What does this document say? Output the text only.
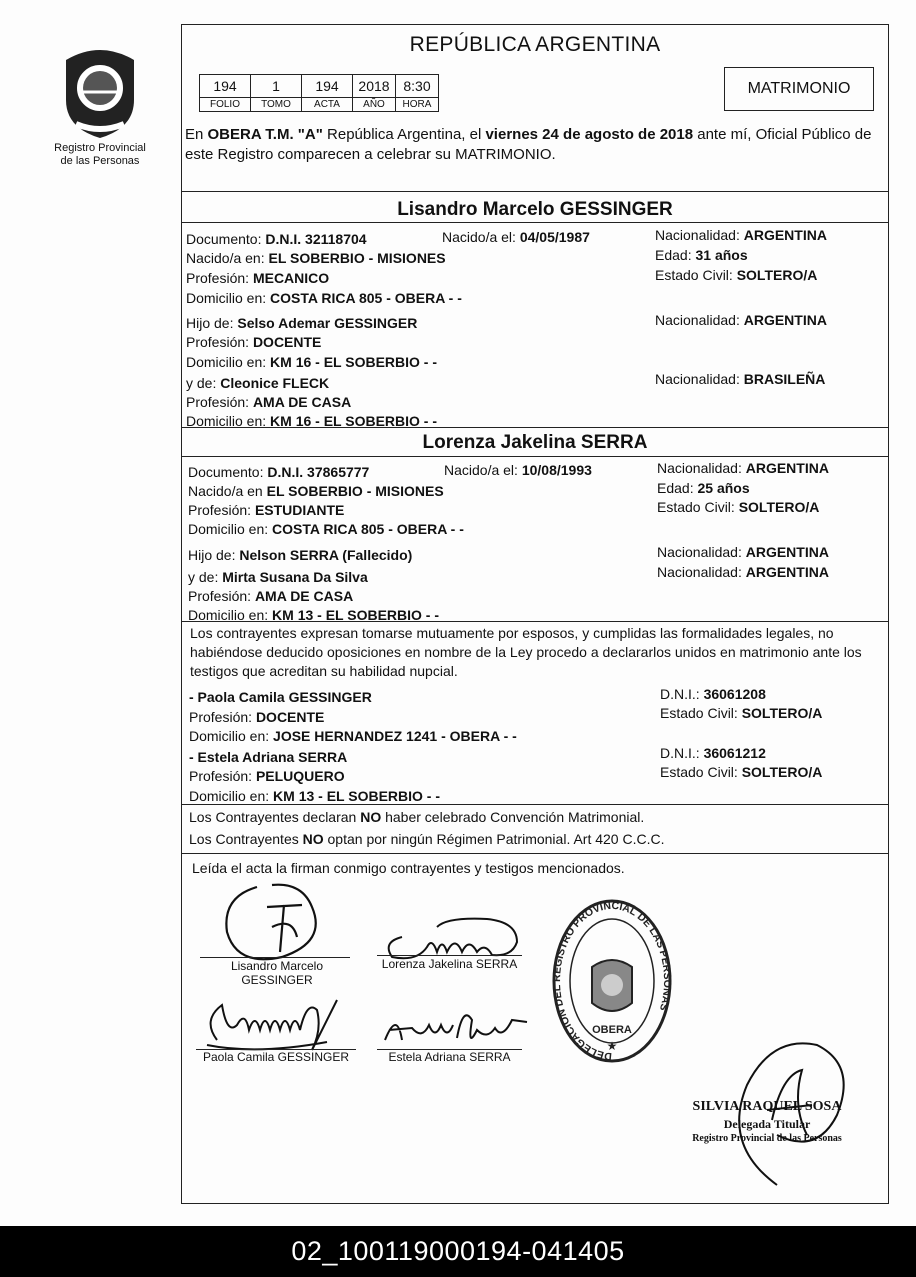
Registro Provincial
de las Personas
REPÚBLICA ARGENTINA
194	1	194	2018	8:30
FOLIO	TOMO	ACTA	AÑO	HORA
MATRIMONIO
En OBERA T.M. "A" República Argentina, el viernes 24 de agosto de 2018 ante mí, Oficial Público de este Registro comparecen a celebrar su MATRIMONIO.
Lisandro Marcelo GESSINGER
Documento: D.N.I. 32118704	Nacido/a el: 04/05/1987	Nacionalidad: ARGENTINA
Nacido/a en: EL SOBERBIO - MISIONES	Edad: 31 años
Profesión: MECANICO	Estado Civil: SOLTERO/A
Domicilio en: COSTA RICA 805 - OBERA - -
Hijo de: Selso Ademar GESSINGER	Nacionalidad: ARGENTINA
Profesión: DOCENTE
Domicilio en: KM 16 - EL SOBERBIO - -
y de: Cleonice FLECK	Nacionalidad: BRASILEÑA
Profesión: AMA DE CASA
Domicilio en: KM 16 - EL SOBERBIO - -
Lorenza Jakelina SERRA
Documento: D.N.I. 37865777	Nacido/a el: 10/08/1993	Nacionalidad: ARGENTINA
Nacido/a en EL SOBERBIO - MISIONES	Edad: 25 años
Profesión: ESTUDIANTE	Estado Civil: SOLTERO/A
Domicilio en: COSTA RICA 805 - OBERA - -
Hijo de: Nelson SERRA (Fallecido)	Nacionalidad: ARGENTINA
y de: Mirta Susana Da Silva	Nacionalidad: ARGENTINA
Profesión: AMA DE CASA
Domicilio en: KM 13 - EL SOBERBIO - -
Los contrayentes expresan tomarse mutuamente por esposos, y cumplidas las formalidades legales, no habiéndose deducido oposiciones en nombre de la Ley procedo a declararlos unidos en matrimonio ante los testigos que acreditan su habilidad nupcial.
- Paola Camila GESSINGER	D.N.I.: 36061208
Profesión: DOCENTE	Estado Civil: SOLTERO/A
Domicilio en: JOSE HERNANDEZ 1241 - OBERA - -
- Estela Adriana SERRA	D.N.I.: 36061212
Profesión: PELUQUERO	Estado Civil: SOLTERO/A
Domicilio en: KM 13 - EL SOBERBIO - -
Los Contrayentes declaran NO haber celebrado Convención Matrimonial.
Los Contrayentes NO optan por ningún Régimen Patrimonial. Art 420 C.C.C.
Leída el acta la firman conmigo contrayentes y testigos mencionados.
Lisandro Marcelo
GESSINGER
Lorenza Jakelina SERRA
Paola Camila GESSINGER	Estela Adriana SERRA	DELEGACION DEL REGISTRO PROVINCIAL DE LAS PERSONAS
OBERA
★
SILVIA RAQUEL SOSA
Delegada Titular
Registro Provincial de las Personas
02_100119000194-041405
